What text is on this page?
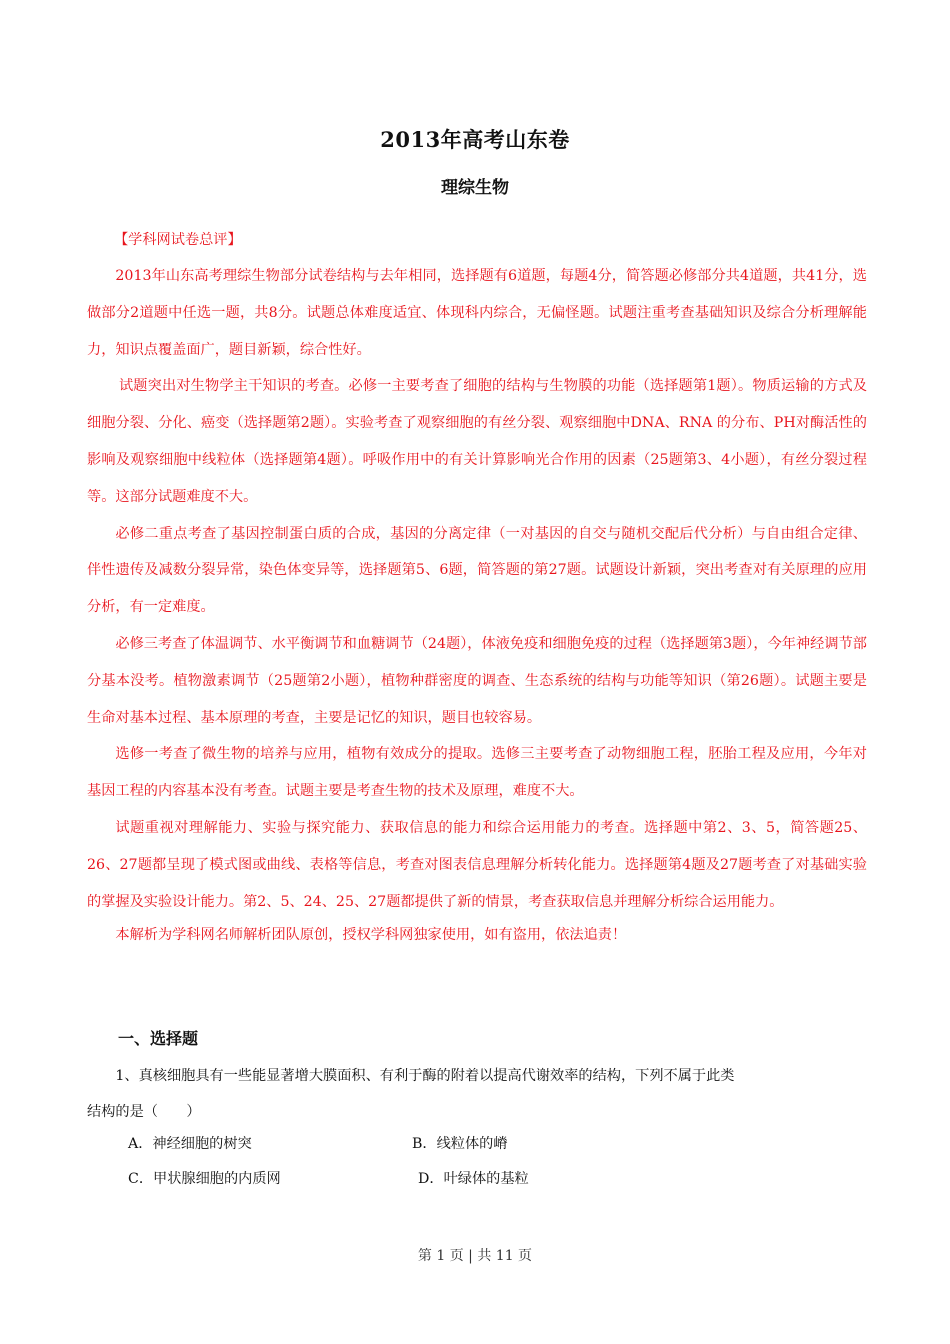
2013年高考山东卷
理综生物

【学科网试卷总评】

2013年山东高考理综生物部分试卷结构与去年相同，选择题有6道题，每题4分，简答题必修部分共4道题，共41分，选做部分2道题中任选一题，共8分。试题总体难度适宜、体现科内综合，无偏怪题。试题注重考查基础知识及综合分析理解能力，知识点覆盖面广，题目新颖，综合性好。

试题突出对生物学主干知识的考查。必修一主要考查了细胞的结构与生物膜的功能（选择题第1题）。物质运输的方式及细胞分裂、分化、癌变（选择题第2题）。实验考查了观察细胞的有丝分裂、观察细胞中DNA、RNA 的分布、PH对酶活性的影响及观察细胞中线粒体（选择题第4题）。呼吸作用中的有关计算影响光合作用的因素（25题第3、4小题），有丝分裂过程等。这部分试题难度不大。

必修二重点考查了基因控制蛋白质的合成，基因的分离定律（一对基因的自交与随机交配后代分析）与自由组合定律、伴性遗传及减数分裂异常，染色体变异等，选择题第5、6题，简答题的第27题。试题设计新颖，突出考查对有关原理的应用分析，有一定难度。

必修三考查了体温调节、水平衡调节和血糖调节（24题），体液免疫和细胞免疫的过程（选择题第3题），今年神经调节部分基本没考。植物激素调节（25题第2小题），植物种群密度的调查、生态系统的结构与功能等知识（第26题）。试题主要是生命对基本过程、基本原理的考查，主要是记忆的知识，题目也较容易。

选修一考查了微生物的培养与应用，植物有效成分的提取。选修三主要考查了动物细胞工程，胚胎工程及应用，今年对基因工程的内容基本没有考查。试题主要是考查生物的技术及原理，难度不大。

试题重视对理解能力、实验与探究能力、获取信息的能力和综合运用能力的考查。选择题中第2、3、5，简答题25、26、27题都呈现了模式图或曲线、表格等信息，考查对图表信息理解分析转化能力。选择题第4题及27题考查了对基础实验的掌握及实验设计能力。第2、5、24、25、27题都提供了新的情景，考查获取信息并理解分析综合运用能力。

本解析为学科网名师解析团队原创，授权学科网独家使用，如有盗用，依法追责！

一、选择题

1、真核细胞具有一些能显著增大膜面积、有利于酶的附着以提高代谢效率的结构，下列不属于此类

结构的是（　　）

A．神经细胞的树突	B．线粒体的嵴
C．甲状腺细胞的内质网	D．叶绿体的基粒
第 1 页 | 共 11 页
